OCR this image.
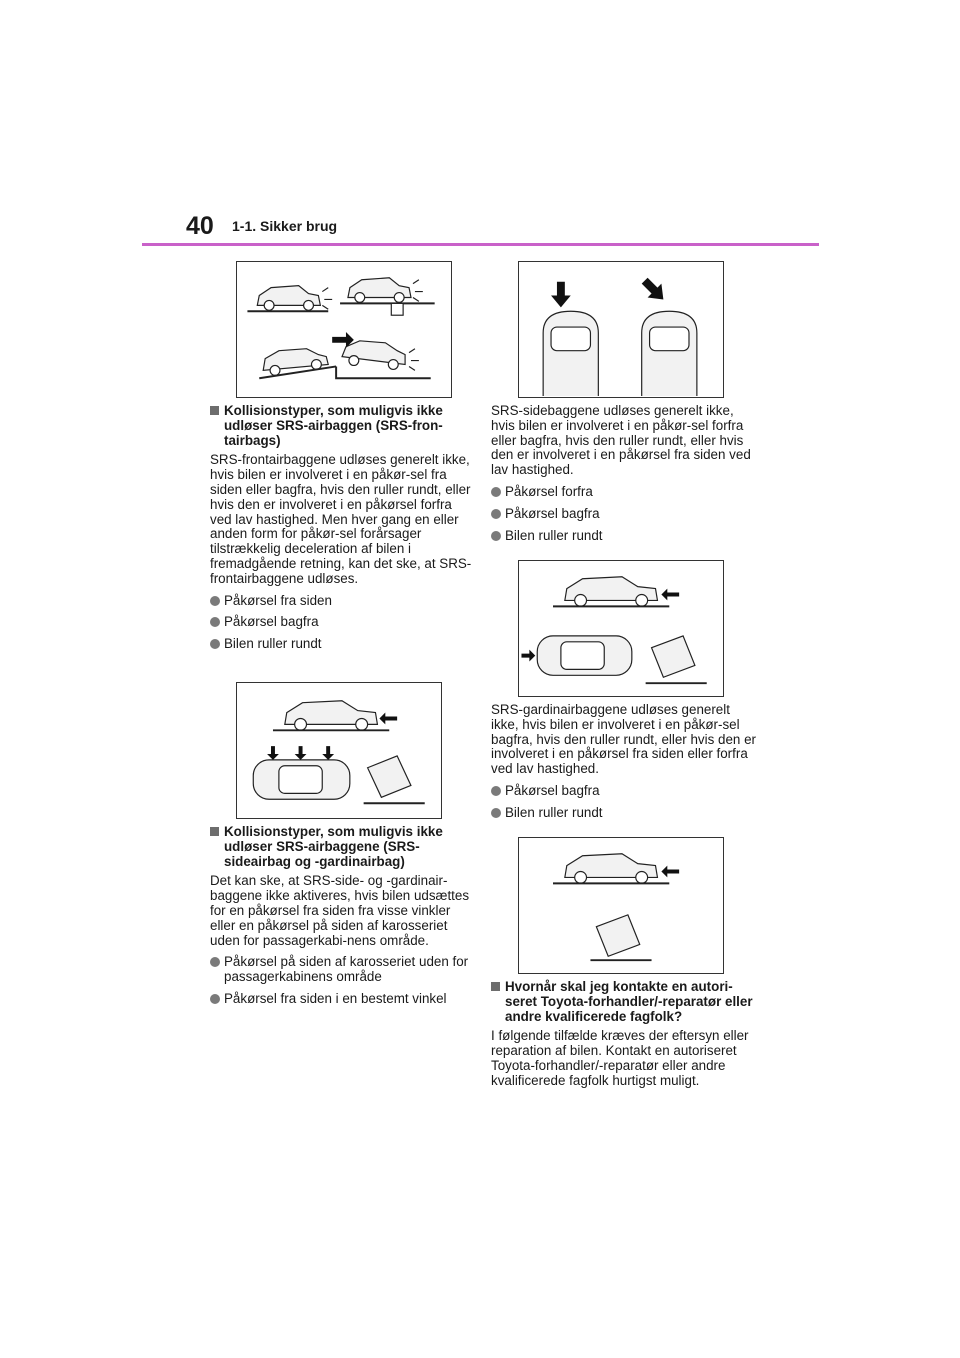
40 1-1. Sikker brug

Kollisionstyper, som muligvis ikke udløser SRS-airbaggen (SRS-fron-tairbags)

SRS-frontairbaggene udløses generelt ikke, hvis bilen er involveret i en påkør-sel fra siden eller bagfra, hvis den ruller rundt, eller hvis den er involveret i en påkørsel forfra ved lav hastighed. Men hver gang en eller anden form for påkør-sel forårsager tilstrækkelig deceleration af bilen i fremadgående retning, kan det ske, at SRS-frontairbaggene udløses.

Påkørsel fra siden

Påkørsel bagfra

Bilen ruller rundt

Kollisionstyper, som muligvis ikke udløser SRS-airbaggene (SRS-sideairbag og -gardinairbag)

Det kan ske, at SRS-side- og -gardinair-baggene ikke aktiveres, hvis bilen udsættes for en påkørsel fra siden fra visse vinkler eller en påkørsel på siden af karosseriet uden for passagerkabi-nens område.

Påkørsel på siden af karosseriet uden for passagerkabinens område

Påkørsel fra siden i en bestemt vinkel

SRS-sidebaggene udløses generelt ikke, hvis bilen er involveret i en påkør-sel forfra eller bagfra, hvis den ruller rundt, eller hvis den er involveret i en påkørsel fra siden ved lav hastighed.

Påkørsel forfra

Påkørsel bagfra

Bilen ruller rundt

SRS-gardinairbaggene udløses generelt ikke, hvis bilen er involveret i en påkør-sel bagfra, hvis den ruller rundt, eller hvis den er involveret i en påkørsel fra siden eller forfra ved lav hastighed.

Påkørsel bagfra

Bilen ruller rundt

Hvornår skal jeg kontakte en autori-seret Toyota-forhandler/-reparatør eller andre kvalificerede fagfolk?

I følgende tilfælde kræves der eftersyn eller reparation af bilen. Kontakt en autoriseret Toyota-forhandler/-reparatør eller andre kvalificerede fagfolk hurtigst muligt.
